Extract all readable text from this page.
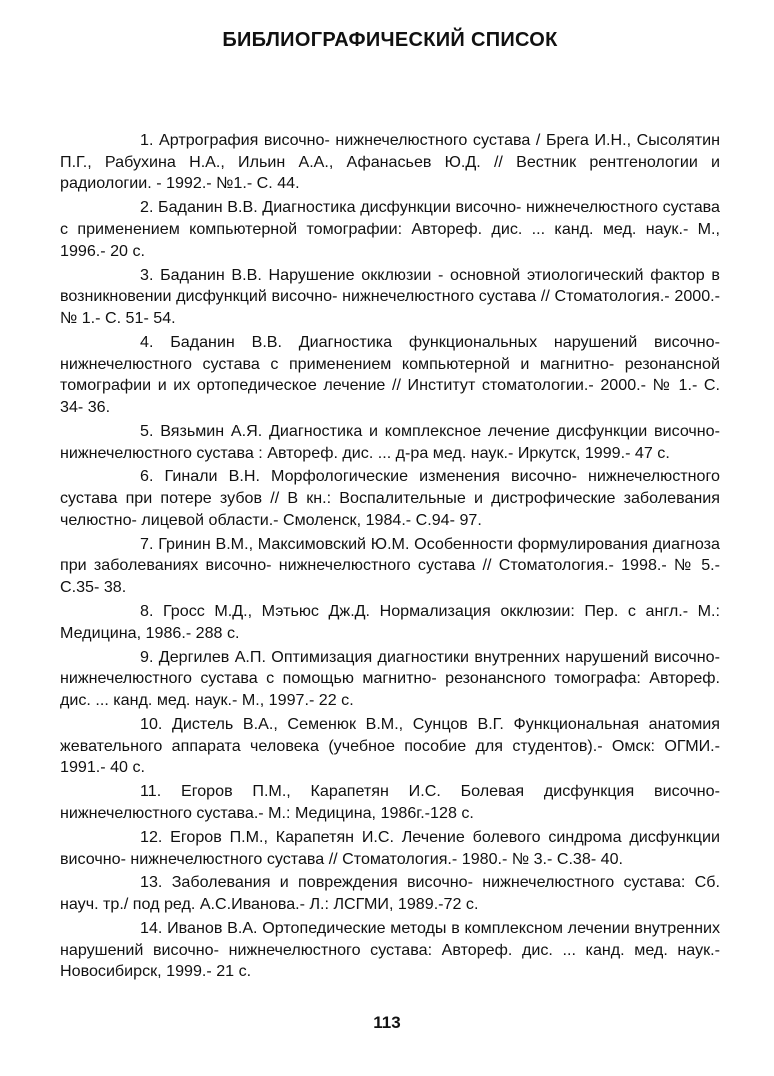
БИБЛИОГРАФИЧЕСКИЙ СПИСОК
1. Артрография височно- нижнечелюстного сустава / Брега И.Н., Сысолятин П.Г., Рабухина Н.А., Ильин А.А., Афанасьев Ю.Д. // Вестник рентгенологии и радиологии. - 1992.- №1.- С. 44.
2. Баданин В.В. Диагностика дисфункции височно- нижнечелюстного сустава с применением компьютерной томографии: Автореф. дис. ... канд. мед. наук.- М., 1996.- 20 с.
3. Баданин В.В. Нарушение окклюзии - основной этиологический фактор в возникновении дисфункций височно- нижнечелюстного сустава // Стоматология.- 2000.- № 1.- С. 51- 54.
4. Баданин В.В. Диагностика функциональных нарушений височно-нижнечелюстного сустава с применением компьютерной и магнитно- резонансной томографии и их ортопедическое лечение // Институт стоматологии.- 2000.- № 1.- С. 34- 36.
5. Вязьмин А.Я. Диагностика и комплексное лечение дисфункции височно- нижнечелюстного сустава : Автореф. дис. ... д-ра мед. наук.- Иркутск, 1999.- 47 с.
6. Гинали В.Н. Морфологические изменения височно- нижнечелюстного сустава при потере зубов // В кн.: Воспалительные и дистрофические заболевания челюстно- лицевой области.- Смоленск, 1984.- С.94- 97.
7. Гринин В.М., Максимовский Ю.М. Особенности формулирования диагноза при заболеваниях височно- нижнечелюстного сустава // Стоматология.- 1998.- № 5.- С.35- 38.
8. Гросс М.Д., Мэтьюс Дж.Д. Нормализация окклюзии: Пер. с англ.- М.: Медицина, 1986.- 288 с.
9. Дергилев А.П. Оптимизация диагностики внутренних нарушений височно- нижнечелюстного сустава с помощью магнитно- резонансного томографа: Автореф. дис. ... канд. мед. наук.- М., 1997.- 22 с.
10. Дистель В.А., Семенюк В.М., Сунцов В.Г. Функциональная анатомия жевательного аппарата человека (учебное пособие для студентов).- Омск: ОГМИ.- 1991.- 40 с.
11. Егоров П.М., Карапетян И.С. Болевая дисфункция височно- нижнечелюстного сустава.- М.: Медицина, 1986г.-128 с.
12. Егоров П.М., Карапетян И.С. Лечение болевого синдрома дисфункции височно- нижнечелюстного сустава // Стоматология.- 1980.- № 3.- С.38- 40.
13. Заболевания и повреждения височно- нижнечелюстного сустава: Сб. науч. тр./ под ред. А.С.Иванова.- Л.: ЛСГМИ, 1989.-72 с.
14. Иванов В.А. Ортопедические методы в комплексном лечении внутренних нарушений височно- нижнечелюстного сустава: Автореф. дис. ... канд. мед. наук.- Новосибирск, 1999.- 21 с.
113
